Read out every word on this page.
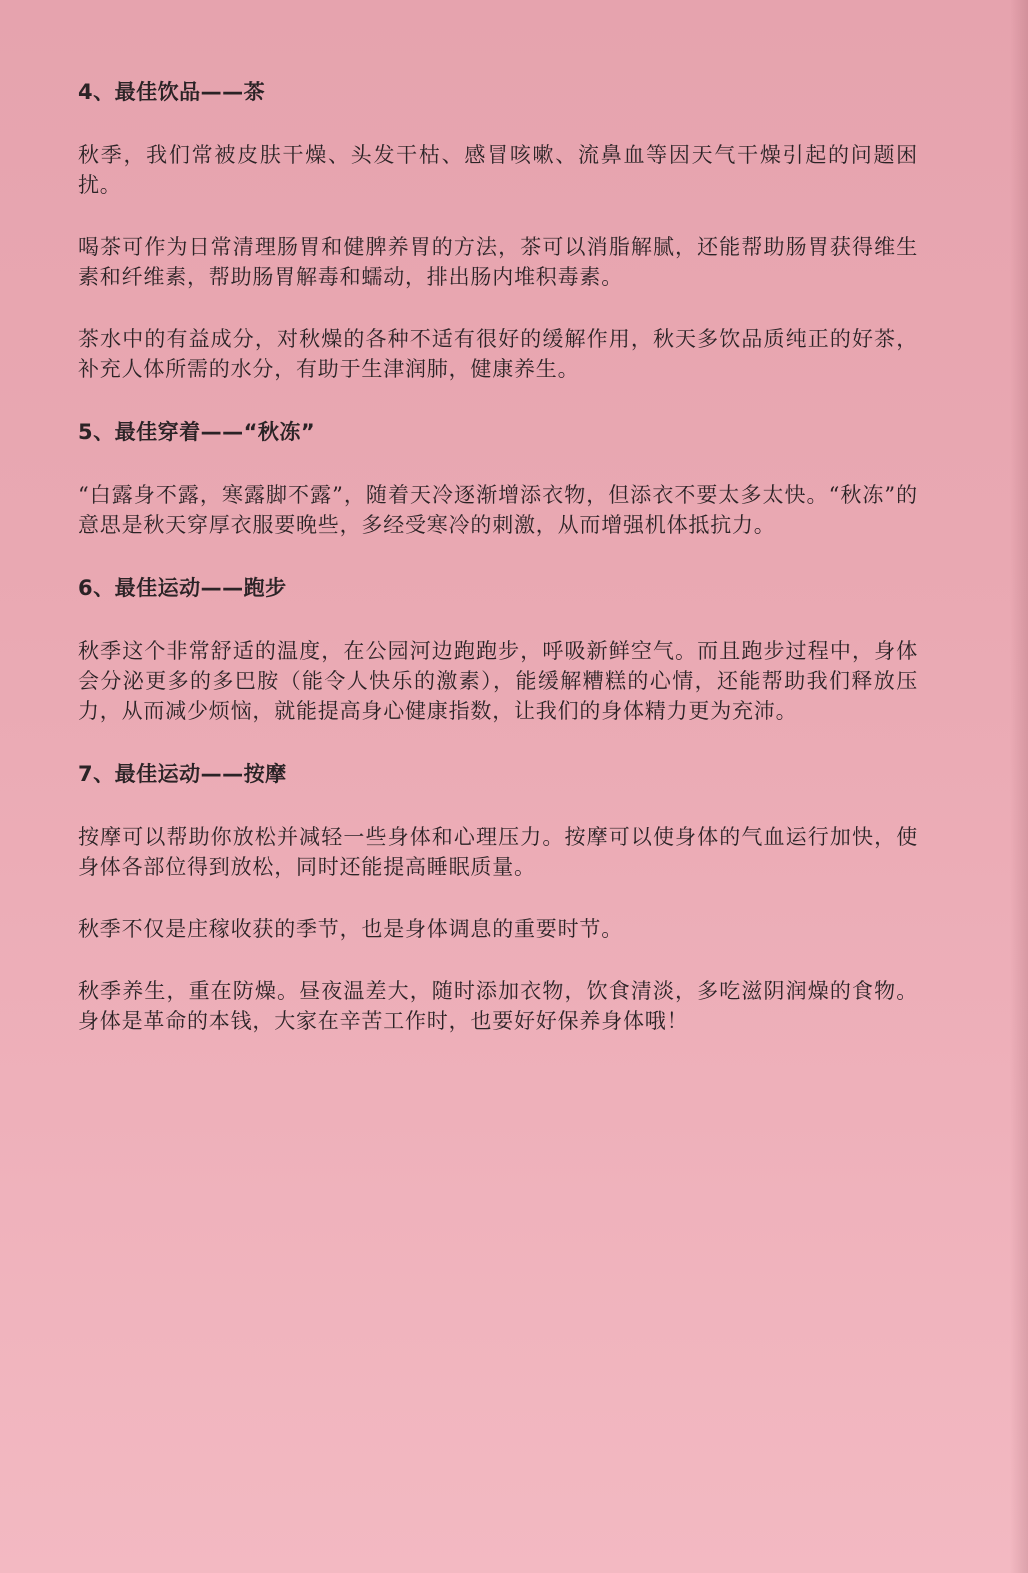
4、最佳饮品——茶

秋季，我们常被皮肤干燥、头发干枯、感冒咳嗽、流鼻血等因天气干燥引起的问题困扰。

喝茶可作为日常清理肠胃和健脾养胃的方法，茶可以消脂解腻，还能帮助肠胃获得维生素和纤维素，帮助肠胃解毒和蠕动，排出肠内堆积毒素。

茶水中的有益成分，对秋燥的各种不适有很好的缓解作用，秋天多饮品质纯正的好茶，补充人体所需的水分，有助于生津润肺，健康养生。

5、最佳穿着——“秋冻”

“白露身不露，寒露脚不露”，随着天冷逐渐增添衣物，但添衣不要太多太快。“秋冻”的意思是秋天穿厚衣服要晚些，多经受寒冷的刺激，从而增强机体抵抗力。

6、最佳运动——跑步

秋季这个非常舒适的温度，在公园河边跑跑步，呼吸新鲜空气。而且跑步过程中，身体会分泌更多的多巴胺（能令人快乐的激素），能缓解糟糕的心情，还能帮助我们释放压力，从而减少烦恼，就能提高身心健康指数，让我们的身体精力更为充沛。

7、最佳运动——按摩

按摩可以帮助你放松并减轻一些身体和心理压力。按摩可以使身体的气血运行加快，使身体各部位得到放松，同时还能提高睡眠质量。

秋季不仅是庄稼收获的季节，也是身体调息的重要时节。

秋季养生，重在防燥。昼夜温差大，随时添加衣物，饮食清淡，多吃滋阴润燥的食物。身体是革命的本钱，大家在辛苦工作时，也要好好保养身体哦！
